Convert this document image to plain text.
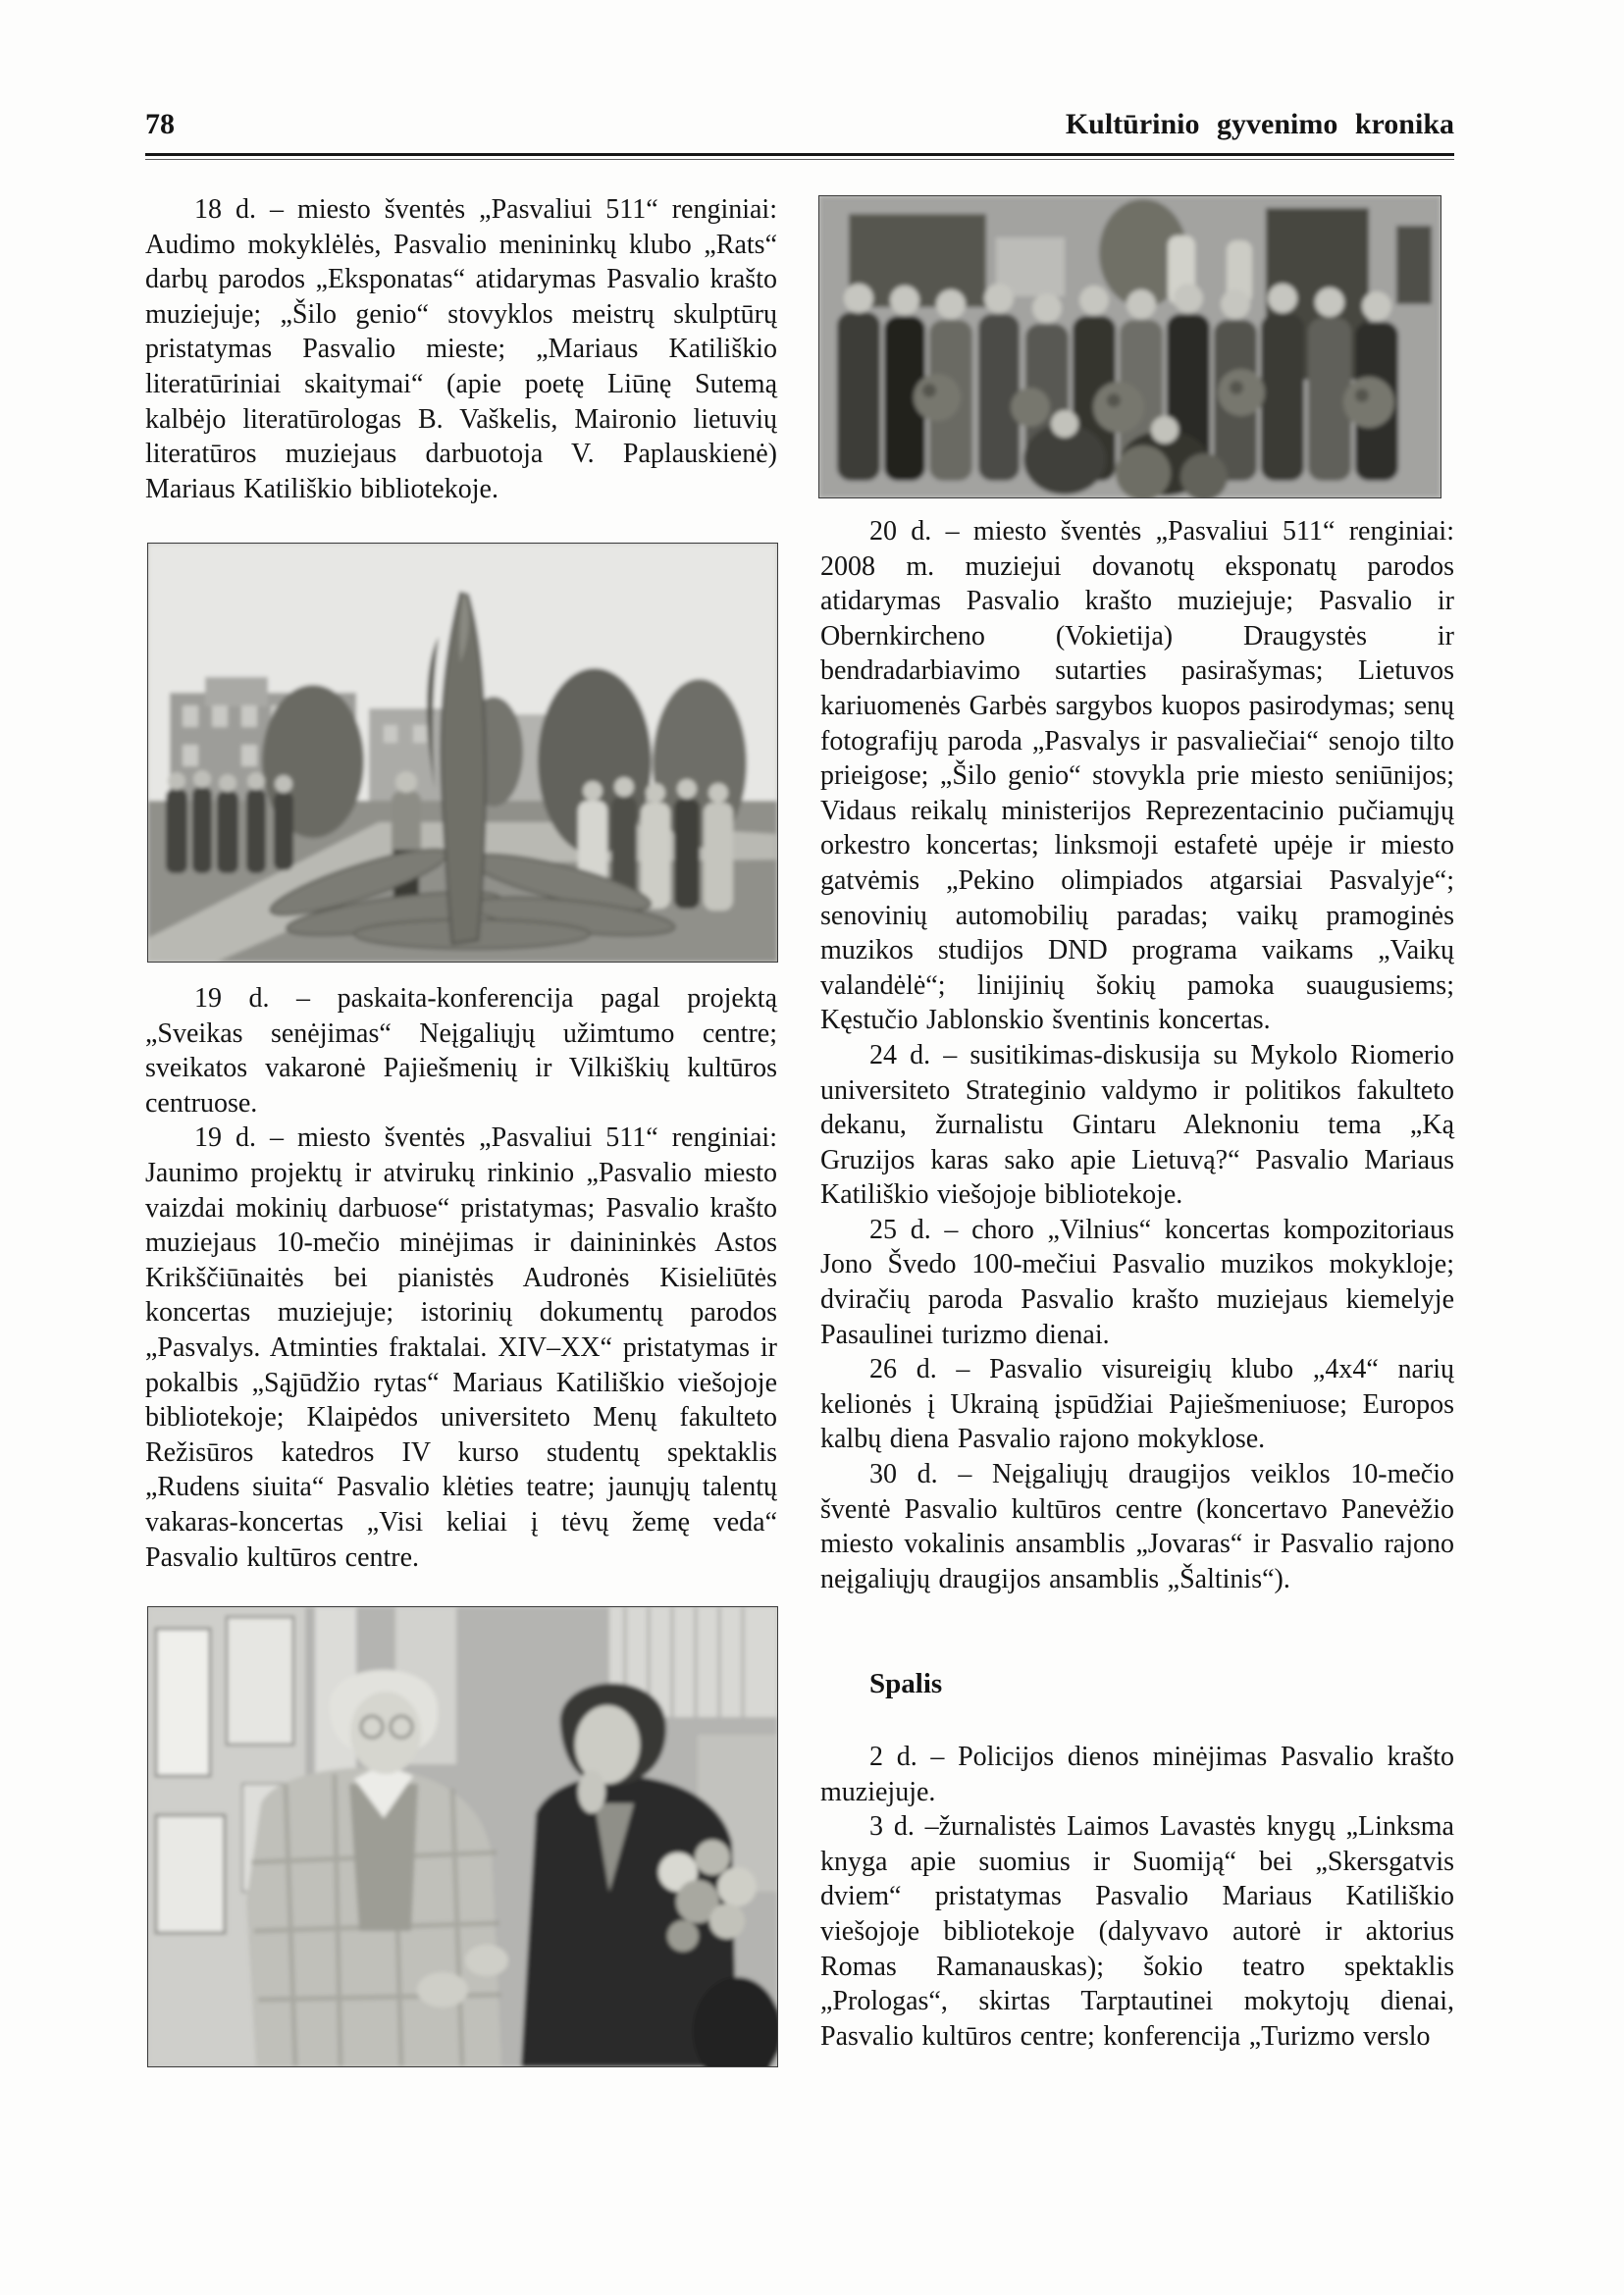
78	Kultūrinio gyvenimo kronika

18 d. – miesto šventės „Pasvaliui 511“ renginiai: Audimo mokyklėlės, Pasvalio menininkų klubo „Rats“ darbų parodos „Eksponatas“ atidarymas Pasvalio krašto muziejuje; „Šilo genio“ stovyklos meistrų skulptūrų pristatymas Pasvalio mieste; „Mariaus Katiliškio literatūriniai skaitymai“ (apie poetę Liūnę Sutemą kalbėjo literatūrologas B. Vaškelis, Maironio lietuvių literatūros muziejaus darbuotoja V. Paplauskienė) Mariaus Katiliškio bibliotekoje.

19 d. – paskaita-konferencija pagal projektą „Sveikas senėjimas“ Neįgaliųjų užimtumo centre; sveikatos vakaronė Pajiešmenių ir Vilkiškių kultūros centruose.

19 d. – miesto šventės „Pasvaliui 511“ renginiai: Jaunimo projektų ir atvirukų rinkinio „Pasvalio miesto vaizdai mokinių darbuose“ pristatymas; Pasvalio krašto muziejaus 10-mečio minėjimas ir dainininkės Astos Krikščiūnaitės bei pianistės Audronės Kisieliūtės koncertas muziejuje; istorinių dokumentų parodos „Pasvalys. Atminties fraktalai. XIV–XX“ pristatymas ir pokalbis „Sąjūdžio rytas“ Mariaus Katiliškio viešojoje bibliotekoje; Klaipėdos universiteto Menų fakulteto Režisūros katedros IV kurso studentų spektaklis „Rudens siuita“ Pasvalio klėties teatre; jaunųjų talentų vakaras-koncertas „Visi keliai į tėvų žemę veda“ Pasvalio kultūros centre.

20 d. – miesto šventės „Pasvaliui 511“ renginiai: 2008 m. muziejui dovanotų eksponatų parodos atidarymas Pasvalio krašto muziejuje; Pasvalio ir Obernkircheno (Vokietija) Draugystės ir bendradarbiavimo sutarties pasirašymas; Lietuvos kariuomenės Garbės sargybos kuopos pasirodymas; senų fotografijų paroda „Pasvalys ir pasvaliečiai“ senojo tilto prieigose; „Šilo genio“ stovykla prie miesto seniūnijos; Vidaus reikalų ministerijos Reprezentacinio pučiamųjų orkestro koncertas; linksmoji estafetė upėje ir miesto gatvėmis „Pekino olimpiados atgarsiai Pasvalyje“; senovinių automobilių paradas; vaikų pramoginės muzikos studijos DND programa vaikams „Vaikų valandėlė“; linijinių šokių pamoka suaugusiems; Kęstučio Jablonskio šventinis koncertas.

24 d. – susitikimas-diskusija su Mykolo Riomerio universiteto Strateginio valdymo ir politikos fakulteto dekanu, žurnalistu Gintaru Aleknoniu tema „Ką Gruzijos karas sako apie Lietuvą?“ Pasvalio Mariaus Katiliškio viešojoje bibliotekoje.

25 d. – choro „Vilnius“ koncertas kompozitoriaus Jono Švedo 100-mečiui Pasvalio muzikos mokykloje; dviračių paroda Pasvalio krašto muziejaus kiemelyje Pasaulinei turizmo dienai.

26 d. – Pasvalio visureigių klubo „4x4“ narių kelionės į Ukrainą įspūdžiai Pajiešmeniuose; Europos kalbų diena Pasvalio rajono mokyklose.

30 d. – Neįgaliųjų draugijos veiklos 10-mečio šventė Pasvalio kultūros centre (koncertavo Panevėžio miesto vokalinis ansamblis „Jovaras“ ir Pasvalio rajono neįgaliųjų draugijos ansamblis „Šaltinis“).

Spalis

2 d. – Policijos dienos minėjimas Pasvalio krašto muziejuje.

3 d. –žurnalistės Laimos Lavastės knygų „Linksma knyga apie suomius ir Suomiją“ bei „Skersgatvis dviem“ pristatymas Pasvalio Mariaus Katiliškio viešojoje bibliotekoje (dalyvavo autorė ir aktorius Romas Ramanauskas); šokio teatro spektaklis „Prologas“, skirtas Tarptautinei mokytojų dienai, Pasvalio kultūros centre; konferencija „Turizmo verslo
